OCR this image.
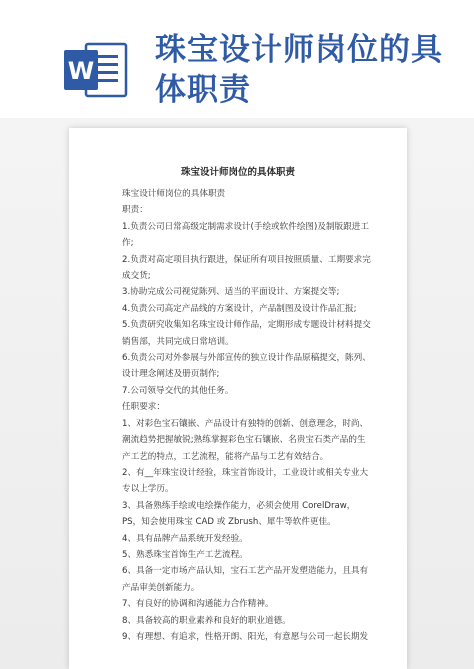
W
珠宝设计师岗位的具体职责
珠宝设计师岗位的具体职责

珠宝设计师岗位的具体职责

职责：

1.负责公司日常高级定制需求设计(手绘或软件绘图)及制版跟进工作;

2.负责对高定项目执行跟进，保证所有项目按照质量、工期要求完成交货;

3.协助完成公司视觉陈列、适当的平面设计、方案提交等;

4.负责公司高定产品线的方案设计，产品制图及设计作品汇报;

5.负责研究收集知名珠宝设计师作品，定期形成专题设计材料提交销售部，共同完成日常培训。

6.负责公司对外参展与外部宣传的独立设计作品原稿提交，陈列、设计理念阐述及册页制作;

7.公司领导交代的其他任务。

任职要求：

1、对彩色宝石镶嵌、产品设计有独特的创新、创意理念，时尚、潮流趋势把握敏锐;熟练掌握彩色宝石镶嵌、名贵宝石类产品的生产工艺的特点，工艺流程，能将产品与工艺有效结合。

2、有__年珠宝设计经验，珠宝首饰设计，工业设计或相关专业大专以上学历。

3、具备熟练手绘或电绘操作能力，必须会使用 CorelDraw，PS，知会使用珠宝 CAD 或 Zbrush、犀牛等软件更佳。

4、具有品牌产品系统开发经验。

5、熟悉珠宝首饰生产工艺流程。

6、具备一定市场产品认知，宝石工艺产品开发塑造能力，且具有产品审美创新能力。

7、有良好的协调和沟通能力合作精神。

8、具备较高的职业素养和良好的职业道德。

9、有理想、有追求，性格开朗、阳光，有意愿与公司一起长期发
